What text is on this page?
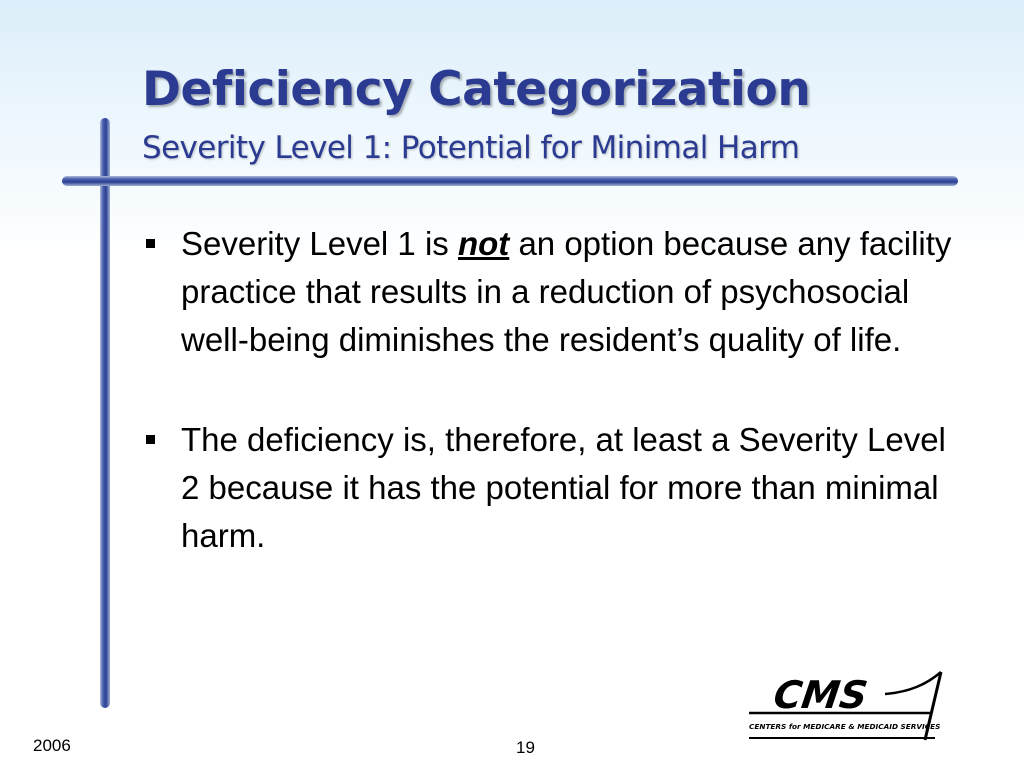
Deficiency Categorization
Severity Level 1: Potential for Minimal Harm
Severity Level 1 is not an option because any facility practice that results in a reduction of psychosocial well-being diminishes the resident’s quality of life.
The deficiency is, therefore, at least a Severity Level 2 because it has the potential for more than minimal harm.
2006	19
CMS
CENTERS for MEDICARE & MEDICAID SERVICES
